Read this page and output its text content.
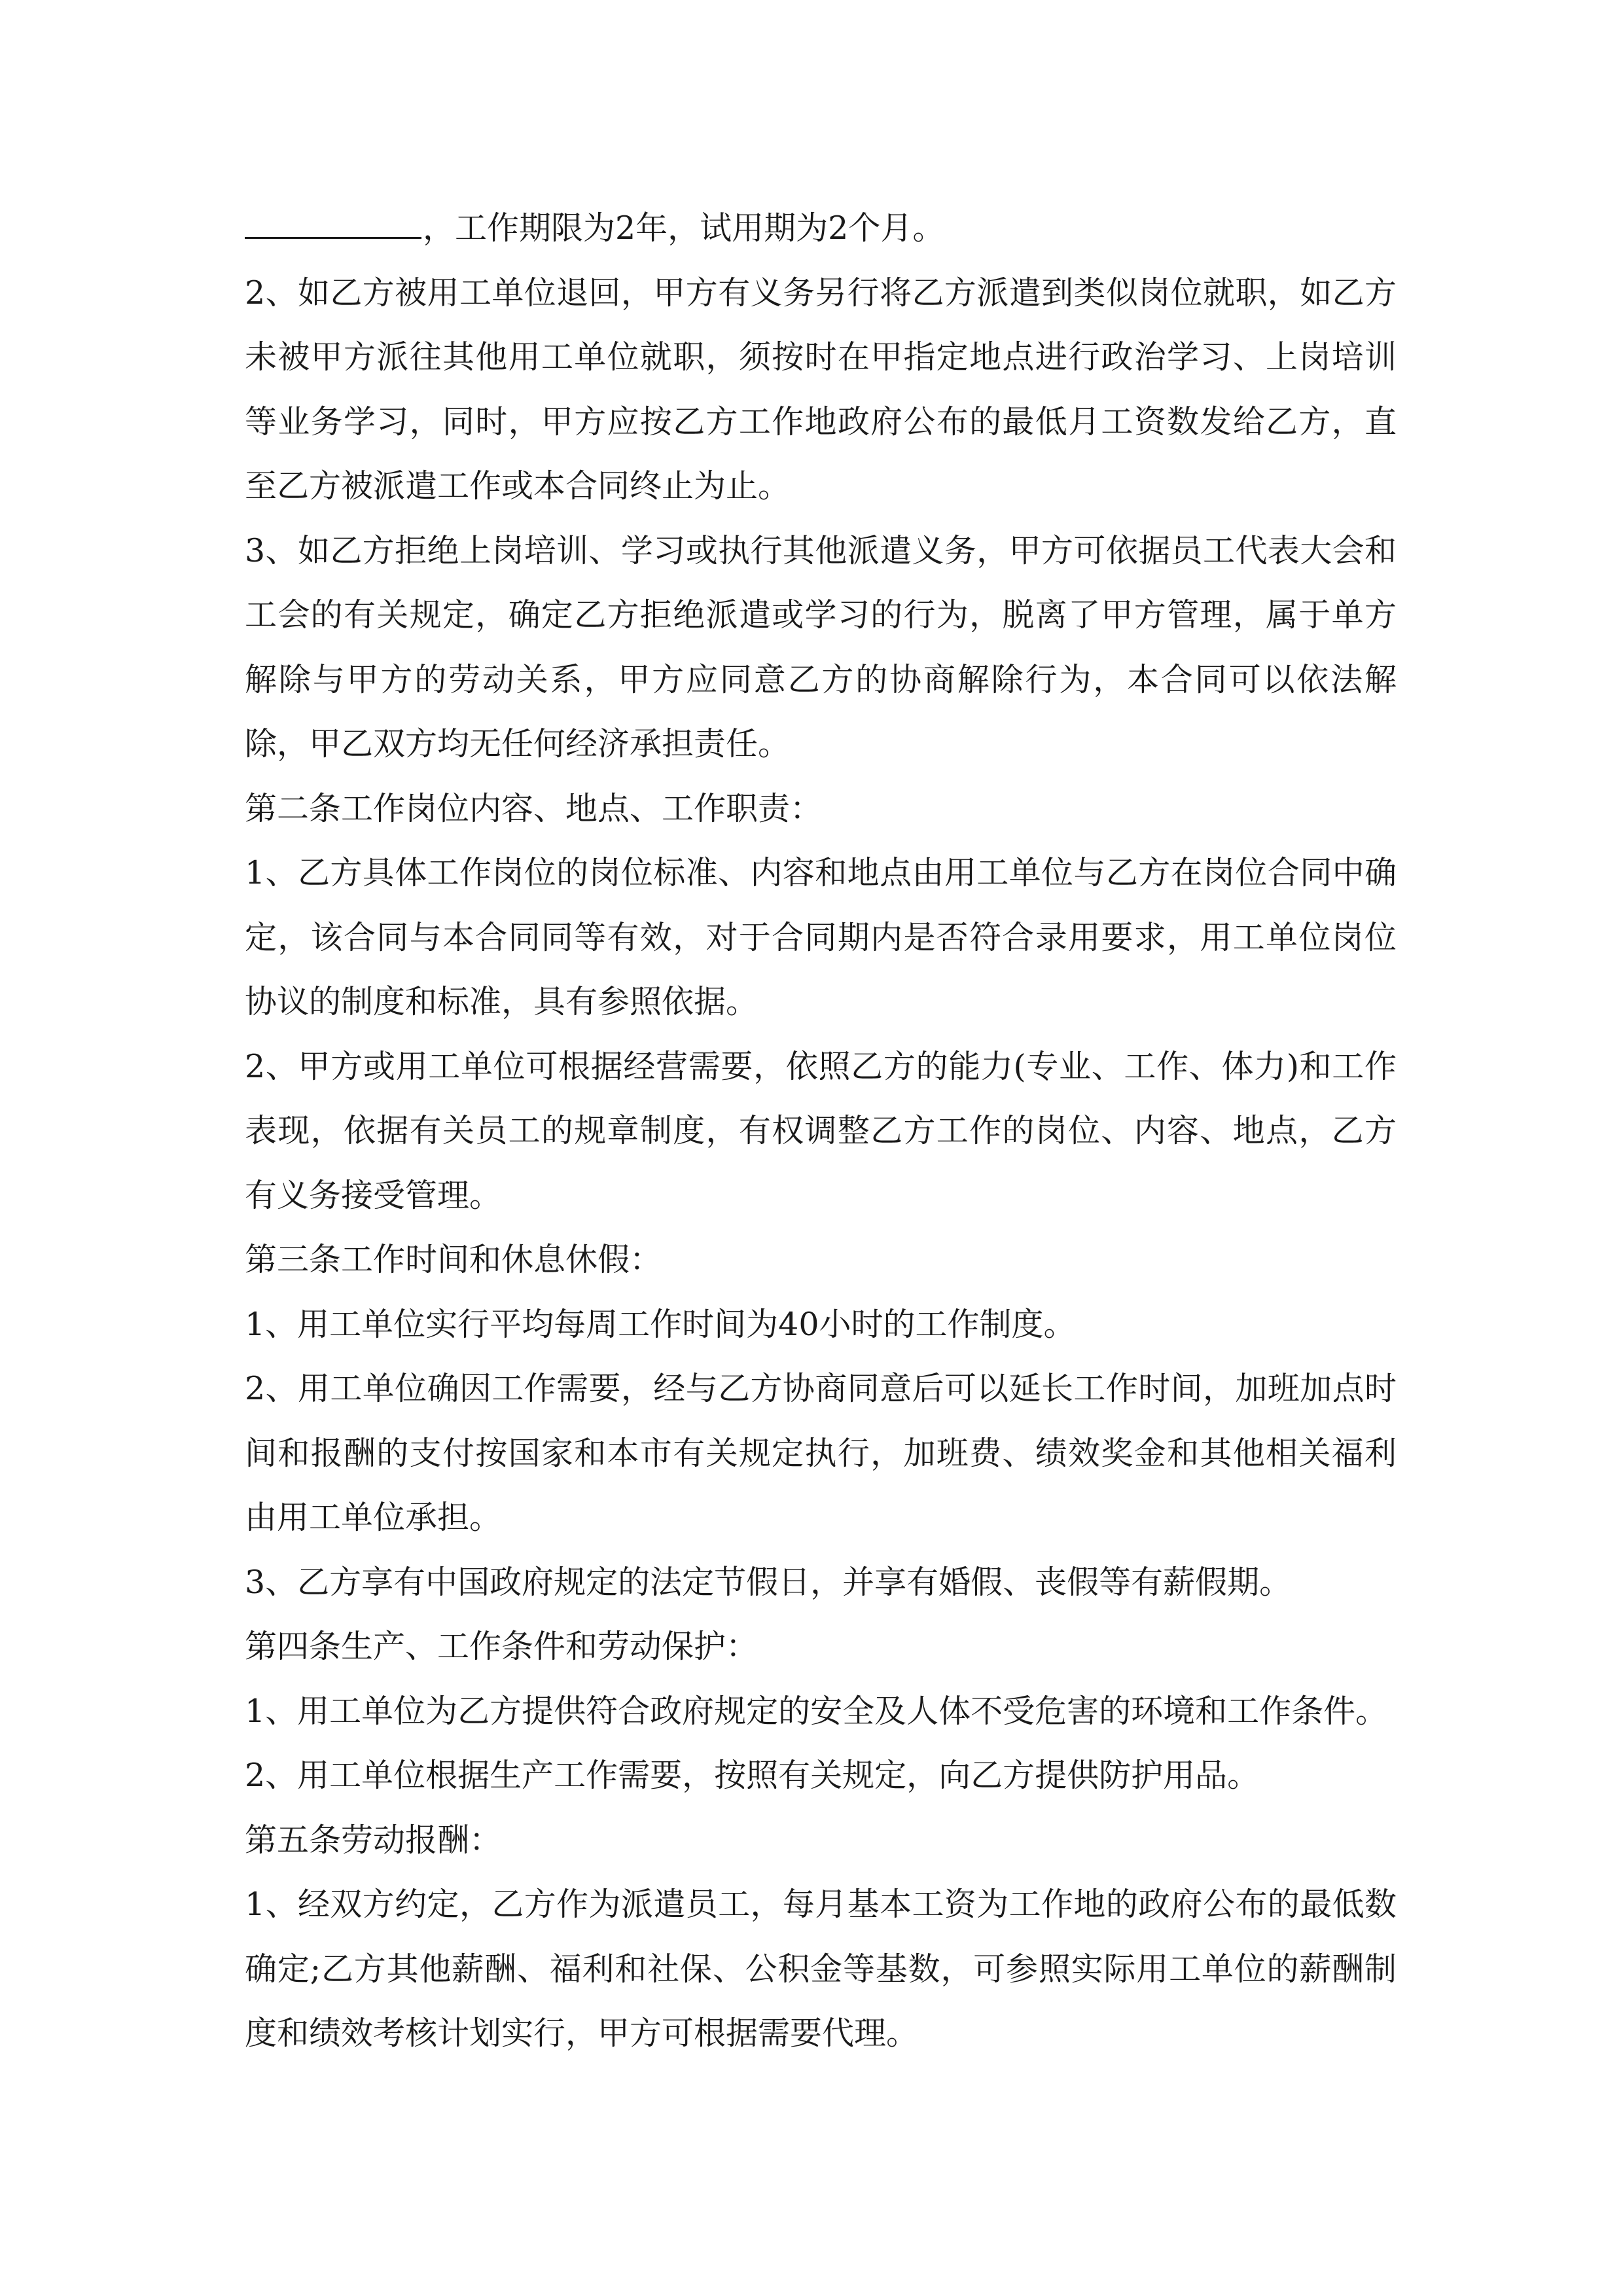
，工作期限为2年，试用期为2个月。

2、如乙方被用工单位退回，甲方有义务另行将乙方派遣到类似岗位就职，如乙方未被甲方派往其他用工单位就职，须按时在甲指定地点进行政治学习、上岗培训等业务学习，同时，甲方应按乙方工作地政府公布的最低月工资数发给乙方，直至乙方被派遣工作或本合同终止为止。

3、如乙方拒绝上岗培训、学习或执行其他派遣义务，甲方可依据员工代表大会和工会的有关规定，确定乙方拒绝派遣或学习的行为，脱离了甲方管理，属于单方解除与甲方的劳动关系，甲方应同意乙方的协商解除行为，本合同可以依法解除，甲乙双方均无任何经济承担责任。

第二条工作岗位内容、地点、工作职责：

1、乙方具体工作岗位的岗位标准、内容和地点由用工单位与乙方在岗位合同中确定，该合同与本合同同等有效，对于合同期内是否符合录用要求，用工单位岗位协议的制度和标准，具有参照依据。

2、甲方或用工单位可根据经营需要，依照乙方的能力(专业、工作、体力)和工作表现，依据有关员工的规章制度，有权调整乙方工作的岗位、内容、地点，乙方有义务接受管理。

第三条工作时间和休息休假：

1、用工单位实行平均每周工作时间为40小时的工作制度。

2、用工单位确因工作需要，经与乙方协商同意后可以延长工作时间，加班加点时间和报酬的支付按国家和本市有关规定执行，加班费、绩效奖金和其他相关福利由用工单位承担。

3、乙方享有中国政府规定的法定节假日，并享有婚假、丧假等有薪假期。

第四条生产、工作条件和劳动保护：

1、用工单位为乙方提供符合政府规定的安全及人体不受危害的环境和工作条件。

2、用工单位根据生产工作需要，按照有关规定，向乙方提供防护用品。

第五条劳动报酬：

1、经双方约定，乙方作为派遣员工，每月基本工资为工作地的政府公布的最低数确定;乙方其他薪酬、福利和社保、公积金等基数，可参照实际用工单位的薪酬制度和绩效考核计划实行，甲方可根据需要代理。
